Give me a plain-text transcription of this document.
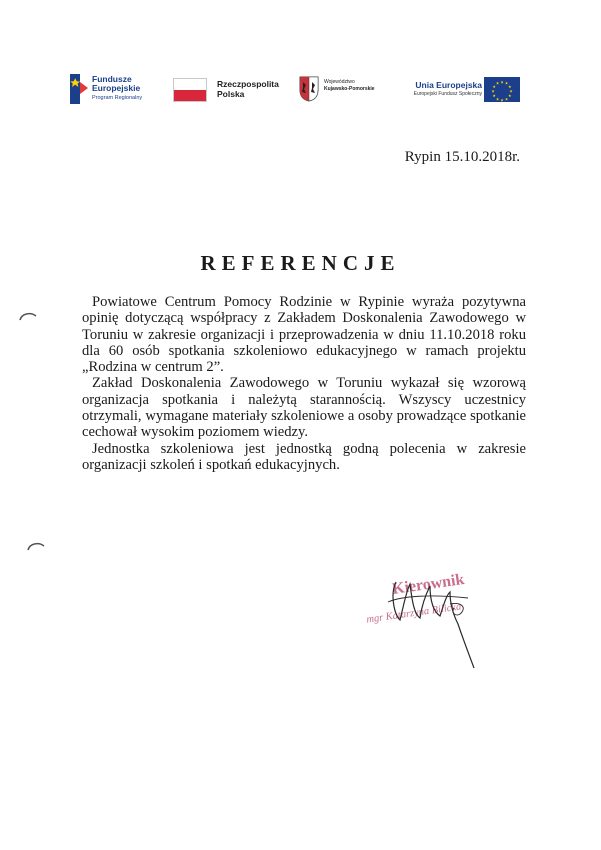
Fundusze
Europejskie
Program Regionalny
Rzeczpospolita
Polska
Województwo
Kujawsko-Pomorskie	Unia Europejska
Europejski Fundusz Społeczny
★ ★
★
★
★
★
★
★
★
★
★
★
Rypin 15.10.2018r.
REFERENCJE

Powiatowe Centrum Pomocy Rodzinie w Rypinie wyraża pozytywna opinię dotyczącą współpracy z Zakładem Doskonalenia Zawodowego w Toruniu w zakresie organizacji i przeprowadzenia w dniu 11.10.2018 roku dla 60 osób spotkania szkoleniowo edukacyjnego w ramach projektu „Rodzina w centrum 2”.

Zakład Doskonalenia Zawodowego w Toruniu wykazał się wzorową organizacja spotkania i należytą starannością. Wszyscy uczestnicy otrzymali, wymagane materiały szkoleniowe a osoby prowadzące spotkanie cechował wysokim poziomem wiedzy.

Jednostka szkoleniowa jest jednostką godną polecenia w zakresie organizacji szkoleń i spotkań edukacyjnych.

Kierownik
mgr Katarzyna Bilicka
